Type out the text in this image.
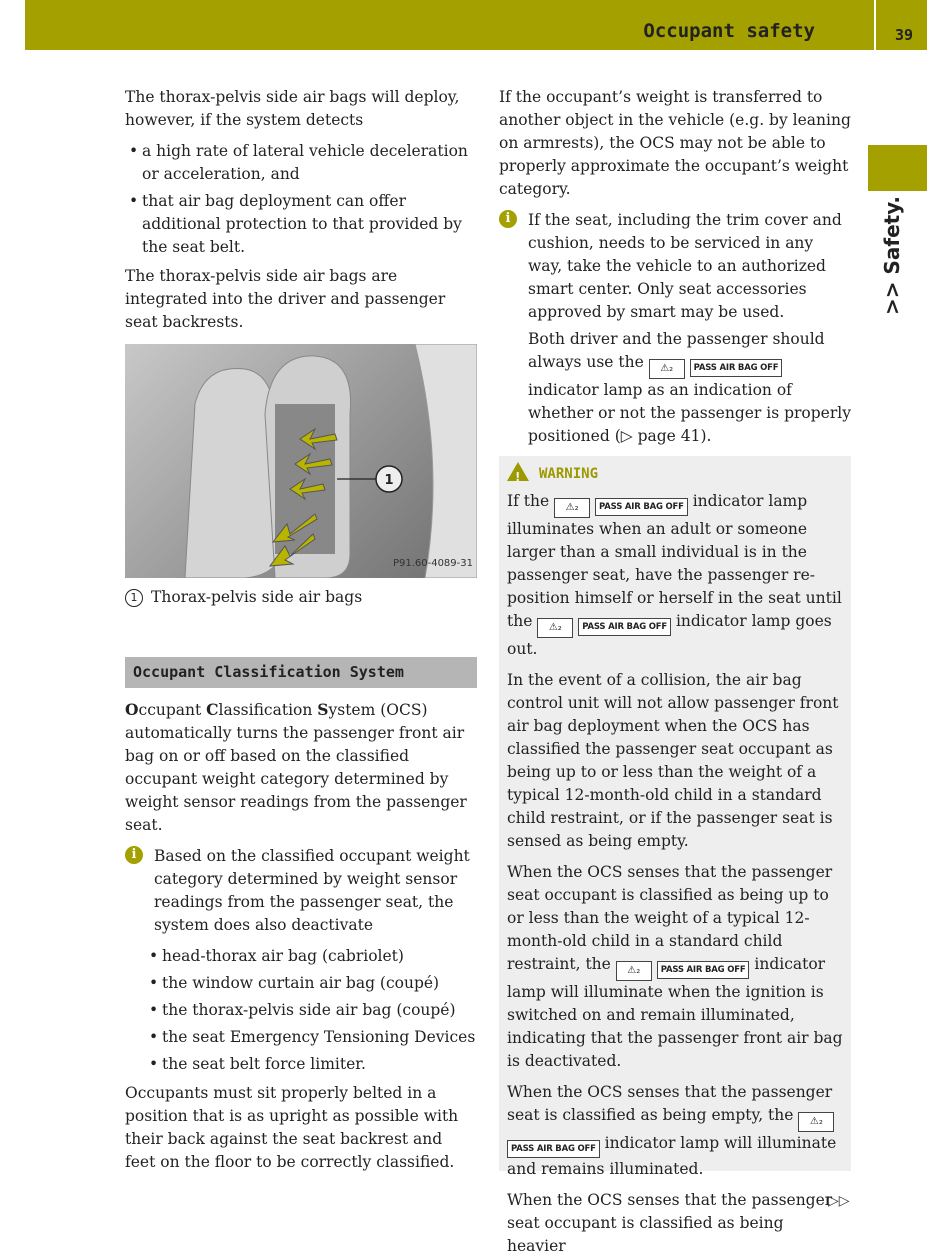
Occupant safety	39
>> Safety.

The thorax-pelvis side air bags will deploy, however, if the system detects

• a high rate of lateral vehicle deceleration or acceleration, and
• that air bag deployment can offer additional protection to that provided by the seat belt.

The thorax-pelvis side air bags are integrated into the driver and passenger seat backrests.

1
P91.60-4089-31

1 Thorax-pelvis side air bags

Occupant Classification System

Occupant Classification System (OCS) automatically turns the passenger front air bag on or off based on the classified occupant weight category determined by weight sensor readings from the passenger seat.

i	Based on the classified occupant weight category determined by weight sensor readings from the passenger seat, the system does also deactivate
• head-thorax air bag (cabriolet)
• the window curtain air bag (coupé)
• the thorax-pelvis side air bag (coupé)
• the seat Emergency Tensioning Devices
• the seat belt force limiter.

Occupants must sit properly belted in a position that is as upright as possible with their back against the seat backrest and feet on the floor to be correctly classified.

If the occupant’s weight is transferred to another object in the vehicle (e.g. by leaning on armrests), the OCS may not be able to properly approximate the occupant’s weight category.

i	If the seat, including the trim cover and cushion, needs to be serviced in any way, take the vehicle to an authorized smart center. Only seat accessories approved by smart may be used.
Both driver and the passenger should always use the ⚠₂ PASS AIR BAG OFF indicator lamp as an indication of whether or not the passenger is properly positioned (▷ page 41).
!WARNING

If the ⚠₂ PASS AIR BAG OFF indicator lamp illuminates when an adult or someone larger than a small individual is in the passenger seat, have the passenger re-position himself or herself in the seat until the ⚠₂ PASS AIR BAG OFF indicator lamp goes out.

In the event of a collision, the air bag control unit will not allow passenger front air bag deployment when the OCS has classified the passenger seat occupant as being up to or less than the weight of a typical 12-month-old child in a standard child restraint, or if the passenger seat is sensed as being empty.

When the OCS senses that the passenger seat occupant is classified as being up to or less than the weight of a typical 12-month-old child in a standard child restraint, the ⚠₂ PASS AIR BAG OFF indicator lamp will illuminate when the ignition is switched on and remain illuminated, indicating that the passenger front air bag is deactivated.

When the OCS senses that the passenger seat is classified as being empty, the ⚠₂ PASS AIR BAG OFF indicator lamp will illuminate and remains illuminated.

When the OCS senses that the passenger seat occupant is classified as being heavier

▷▷
